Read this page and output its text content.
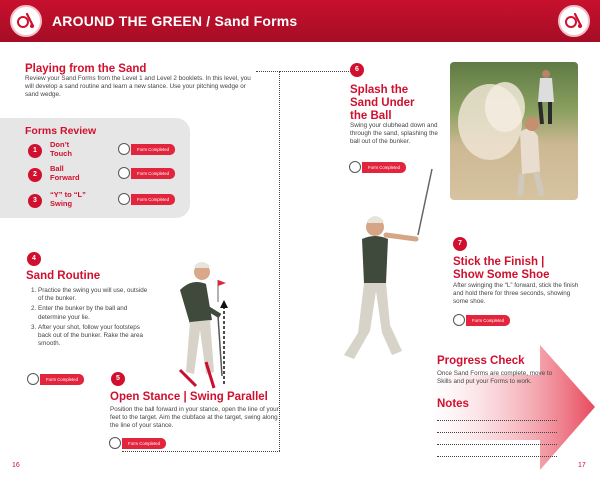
AROUND THE GREEN / Sand Forms
Playing from the Sand

Review your Sand Forms from the Level 1 and Level 2 booklets. In this level, you will develop a sand routine and learn a new stance. Use your pitching wedge or sand wedge.

Forms Review
1
Don’t
Touch	Form Completed
2
Ball
Forward	Form Completed
3
“Y” to “L”
Swing	Form Completed
4
Sand Routine
1. Practice the swing you will use, outside of the bunker.
2. Enter the bunker by the ball and determine your lie.
3. After your shot, follow your footsteps back out of the bunker. Rake the area smooth.
Form Completed	5
Open Stance | Swing Parallel

Position the ball forward in your stance, open the line of your feet to the target. Aim the clubface at the target, swing along the line of your stance.

Form Completed
6
Splash the
Sand Under
the Ball

Swing your clubhead down and through the sand, splashing the ball out of the bunker.

Form Completed
7
Stick the Finish |
Show Some Shoe

After swinging the “L” forward, stick the finish and hold there for three seconds, showing some shoe.

Form Completed
Progress Check

Once Sand Forms are complete, move to Skills and put your Forms to work.

Notes
16	17
